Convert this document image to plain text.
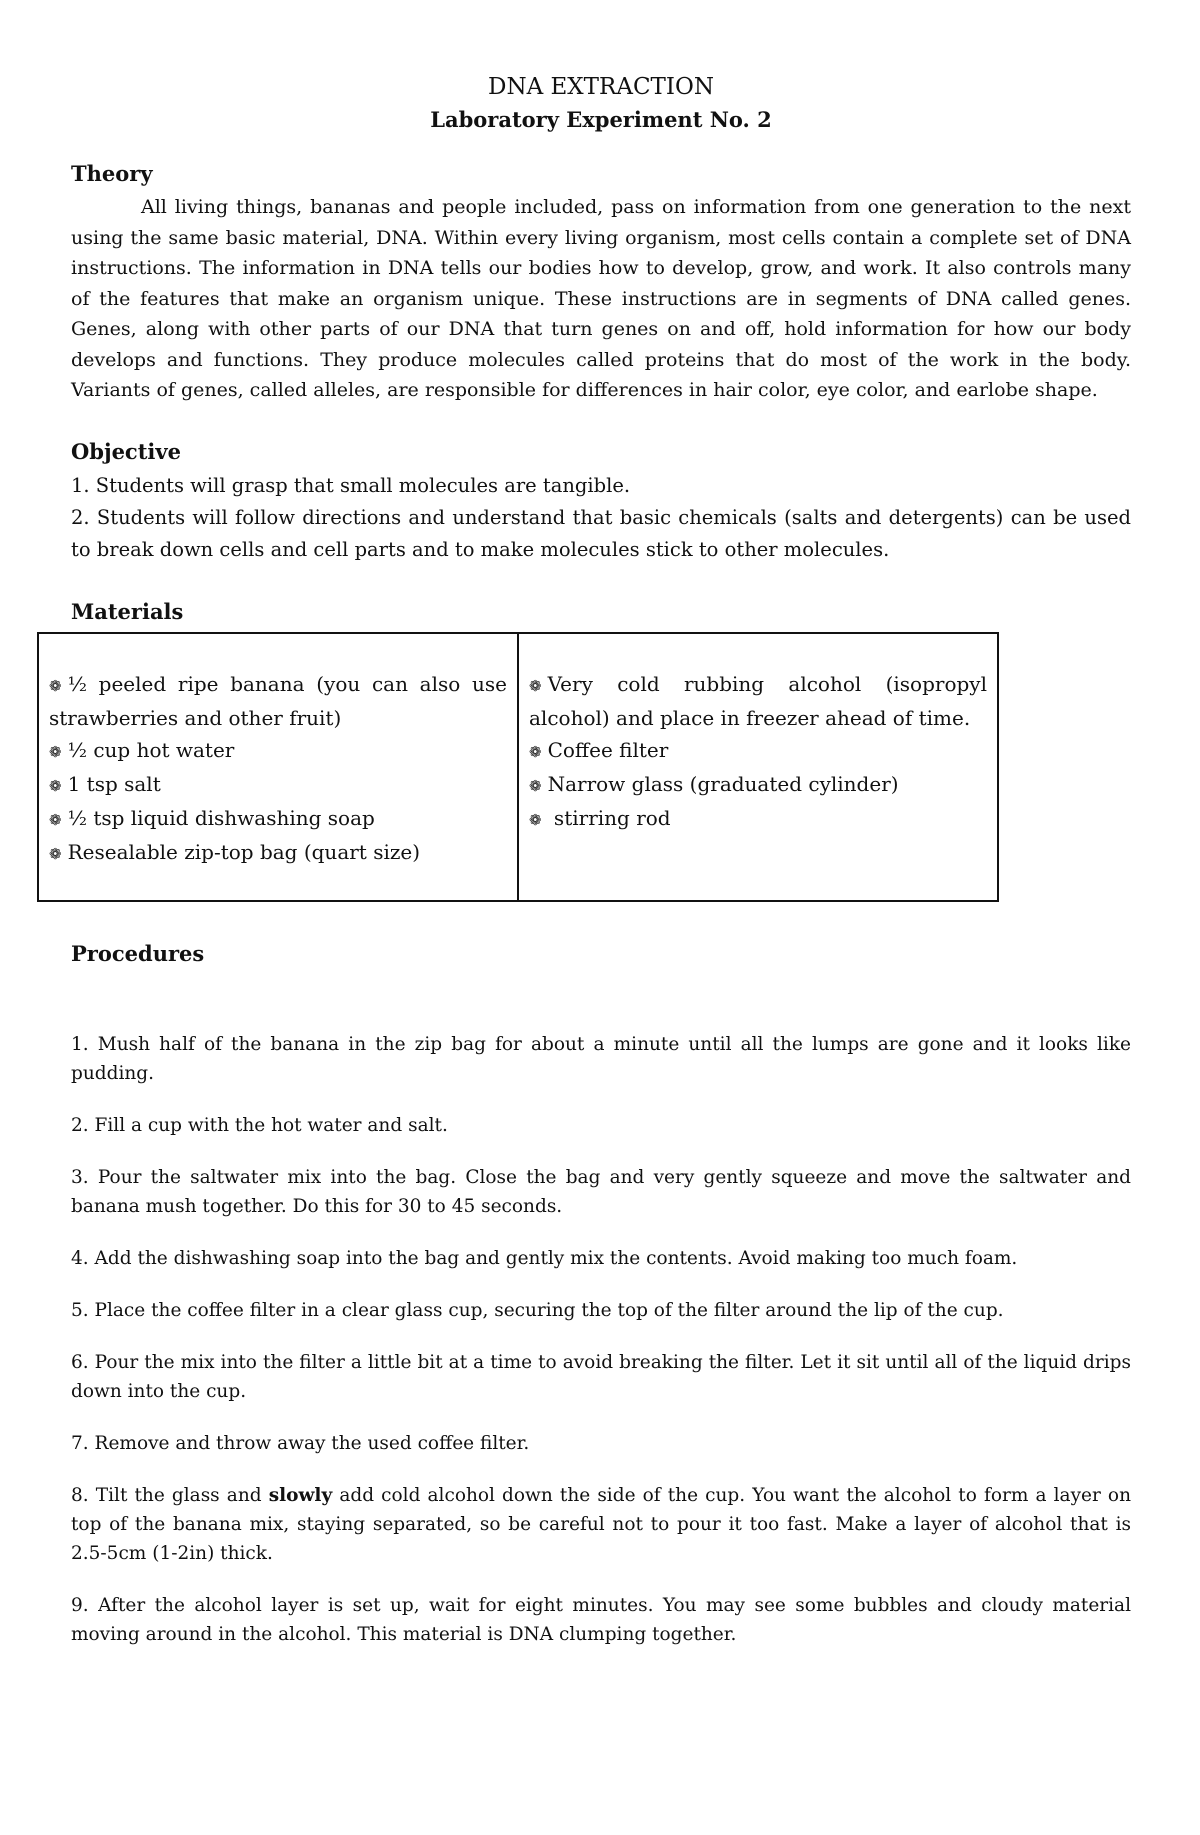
DNA EXTRACTION
Laboratory Experiment No. 2
Theory

All living things, bananas and people included, pass on information from one generation to the next using the same basic material, DNA. Within every living organism, most cells contain a complete set of DNA instructions. The information in DNA tells our bodies how to develop, grow, and work. It also controls many of the features that make an organism unique. These instructions are in segments of DNA called genes. Genes, along with other parts of our DNA that turn genes on and off, hold information for how our body develops and functions. They produce molecules called proteins that do most of the work in the body. Variants of genes, called alleles, are responsible for differences in hair color, eye color, and earlobe shape.

Objective
1. Students will grasp that small molecules are tangible.
2. Students will follow directions and understand that basic chemicals (salts and detergents) can be used to break down cells and cell parts and to make molecules stick to other molecules.
Materials
❁ ½ peeled ripe banana (you can also use strawberries and other fruit)
❁ ½ cup hot water
❁ 1 tsp salt
❁ ½ tsp liquid dishwashing soap
❁ Resealable zip-top bag (quart size)

❁ Very cold rubbing alcohol (isopropyl alcohol) and place in freezer ahead of time.
❁ Coffee filter
❁ Narrow glass (graduated cylinder)
❁ stirring rod
Procedures
1. Mush half of the banana in the zip bag for about a minute until all the lumps are gone and it looks like pudding.
2. Fill a cup with the hot water and salt.
3. Pour the saltwater mix into the bag. Close the bag and very gently squeeze and move the saltwater and banana mush together. Do this for 30 to 45 seconds.
4. Add the dishwashing soap into the bag and gently mix the contents. Avoid making too much foam.
5. Place the coffee filter in a clear glass cup, securing the top of the filter around the lip of the cup.
6. Pour the mix into the filter a little bit at a time to avoid breaking the filter. Let it sit until all of the liquid drips down into the cup.
7. Remove and throw away the used coffee filter.
8. Tilt the glass and slowly add cold alcohol down the side of the cup. You want the alcohol to form a layer on top of the banana mix, staying separated, so be careful not to pour it too fast. Make a layer of alcohol that is 2.5-5cm (1-2in) thick.
9. After the alcohol layer is set up, wait for eight minutes. You may see some bubbles and cloudy material moving around in the alcohol. This material is DNA clumping together.
